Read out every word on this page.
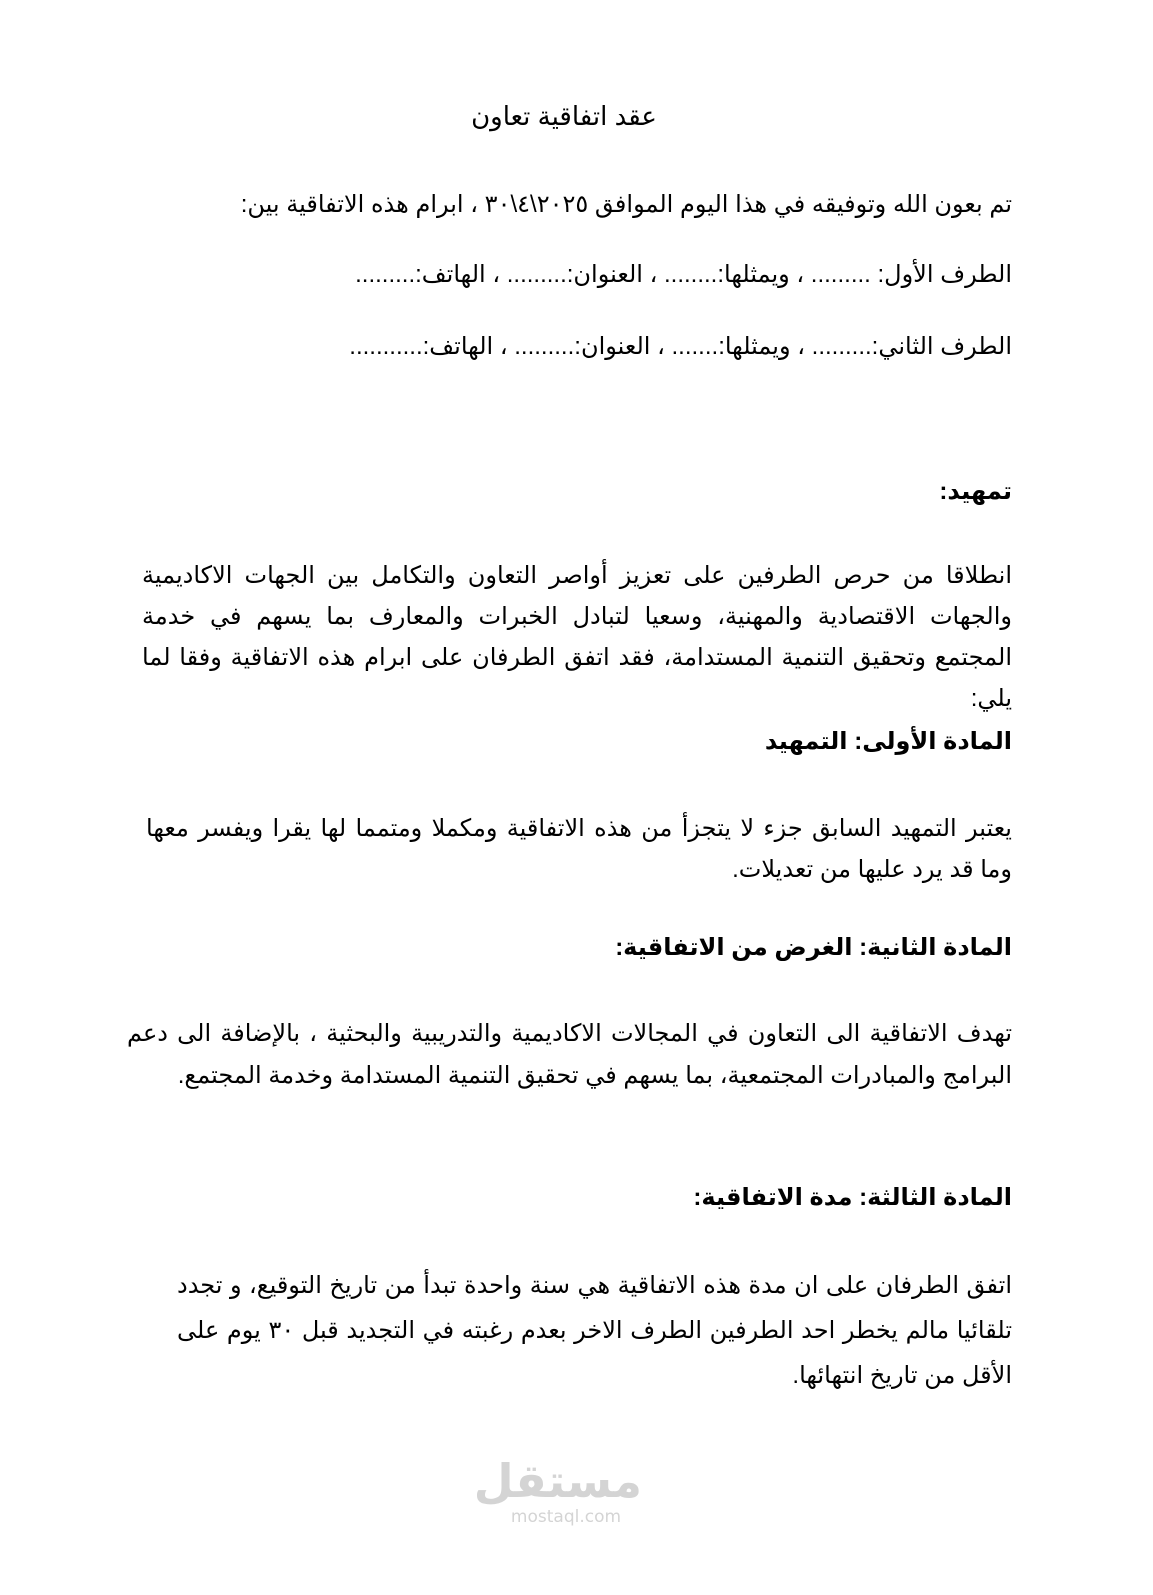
عقد اتفاقية تعاون
تم بعون الله وتوفيقه في هذا اليوم الموافق ٢٠٢٥\٤\٣٠ ، ابرام هذه الاتفاقية بين:
الطرف الأول: ......... ، ويمثلها:........ ، العنوان:......... ، الهاتف:.........
الطرف الثاني:......... ، ويمثلها:....... ، العنوان:......... ، الهاتف:...........
تمهيد:
انطلاقا من حرص الطرفين على تعزيز أواصر التعاون والتكامل بين الجهات الاكاديمية والجهات الاقتصادية والمهنية، وسعيا لتبادل الخبرات والمعارف بما يسهم في خدمة المجتمع وتحقيق التنمية المستدامة، فقد اتفق الطرفان على ابرام هذه الاتفاقية وفقا لما يلي:
المادة الأولى: التمهيد
يعتبر التمهيد السابق جزء لا يتجزأ من هذه الاتفاقية ومكملا ومتمما لها يقرا ويفسر معها وما قد يرد عليها من تعديلات.
المادة الثانية: الغرض من الاتفاقية:
تهدف الاتفاقية الى التعاون في المجالات الاكاديمية والتدريبية والبحثية ، بالإضافة الى دعم البرامج والمبادرات المجتمعية، بما يسهم في تحقيق التنمية المستدامة وخدمة المجتمع.
المادة الثالثة: مدة الاتفاقية:
اتفق الطرفان على ان مدة هذه الاتفاقية هي سنة واحدة تبدأ من تاريخ التوقيع، و تجدد تلقائيا مالم يخطر احد الطرفين الطرف الاخر بعدم رغبته في التجديد قبل ٣٠ يوم على الأقل من تاريخ انتهائها.
مستقل
mostaql.com
